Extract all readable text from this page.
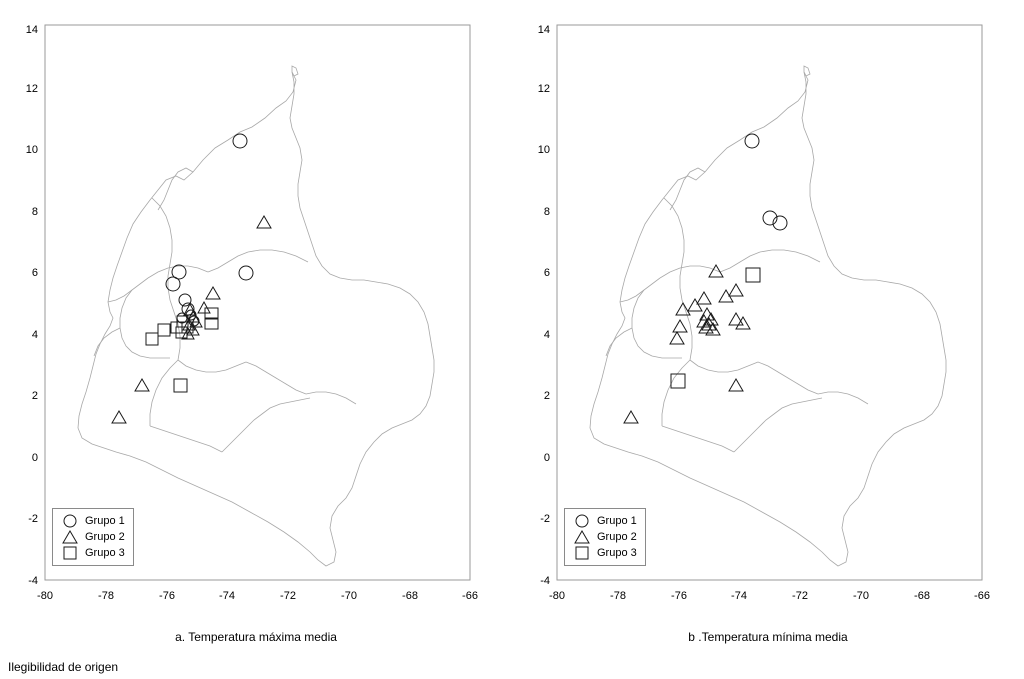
14
12
10
8
6
4
2
0
-2
-4
-80	-78	-76	-74	-72	-70	-68	-66
Grupo 1
Grupo 2
Grupo 3
a. Temperatura máxima media
14
12
10
8
6
4
2
0
-2
-4
-80	-78	-76	-74	-72	-70	-68	-66
Grupo 1
Grupo 2
Grupo 3
b .Temperatura mínima media
Ilegibilidad de origen
